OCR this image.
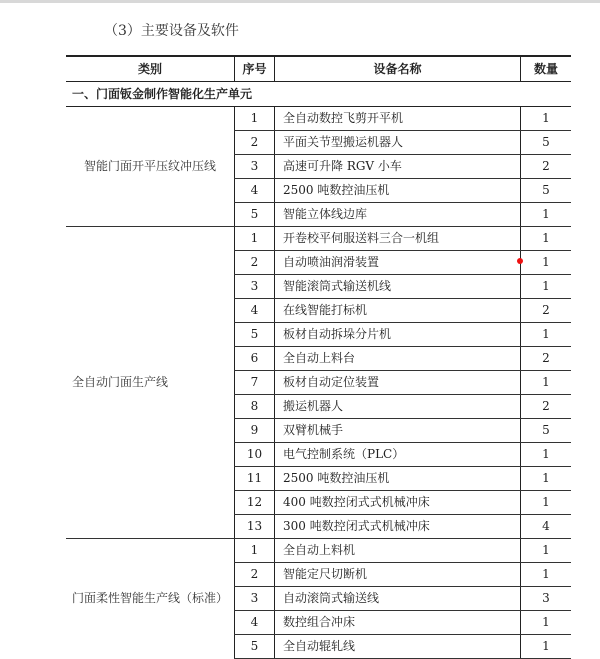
（3）主要设备及软件
类别	序号	设备名称	数量
一、门面钣金制作智能化生产单元			
智能门面开平压纹冲压线	1	全自动数控飞剪开平机	1
	2	平面关节型搬运机器人	5
	3	高速可升降 RGV 小车	2
	4	2500 吨数控油压机	5
	5	智能立体线边库	1
全自动门面生产线	1	开卷校平伺服送料三合一机组	1
	2	自动喷油润滑装置	1
	3	智能滚筒式输送机线	1
	4	在线智能打标机	2
	5	板材自动拆垛分片机	1
	6	全自动上料台	2
	7	板材自动定位装置	1
	8	搬运机器人	2
	9	双臂机械手	5
	10	电气控制系统（PLC）	1
	11	2500 吨数控油压机	1
	12	400 吨数控闭式式机械冲床	1
	13	300 吨数控闭式式机械冲床	4
门面柔性智能生产线（标准）	1	全自动上料机	1
	2	智能定尺切断机	1
	3	自动滚筒式输送线	3
	4	数控组合冲床	1
	5	全自动辊轧线	1
